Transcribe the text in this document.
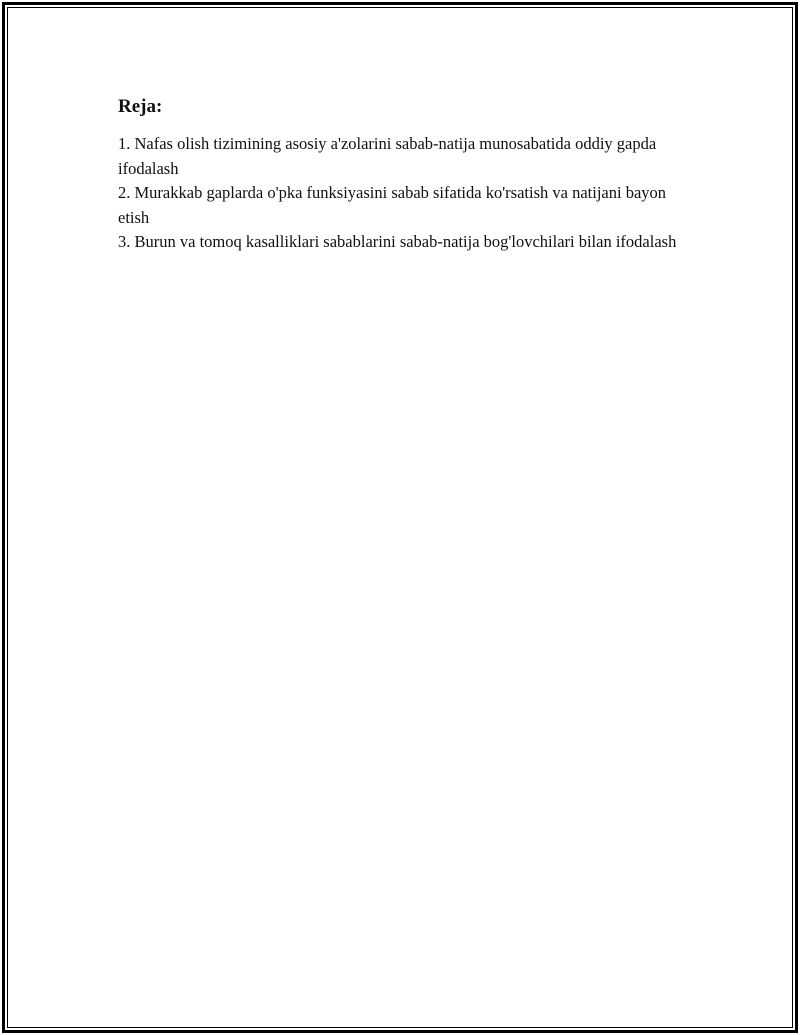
Reja:
1. Nafas olish tizimining asosiy a'zolarini sabab-natija munosabatida oddiy gapda ifodalash
2. Murakkab gaplarda o'pka funksiyasini sabab sifatida ko'rsatish va natijani bayon etish
3. Burun va tomoq kasalliklari sabablarini sabab-natija bog'lovchilari bilan ifodalash
